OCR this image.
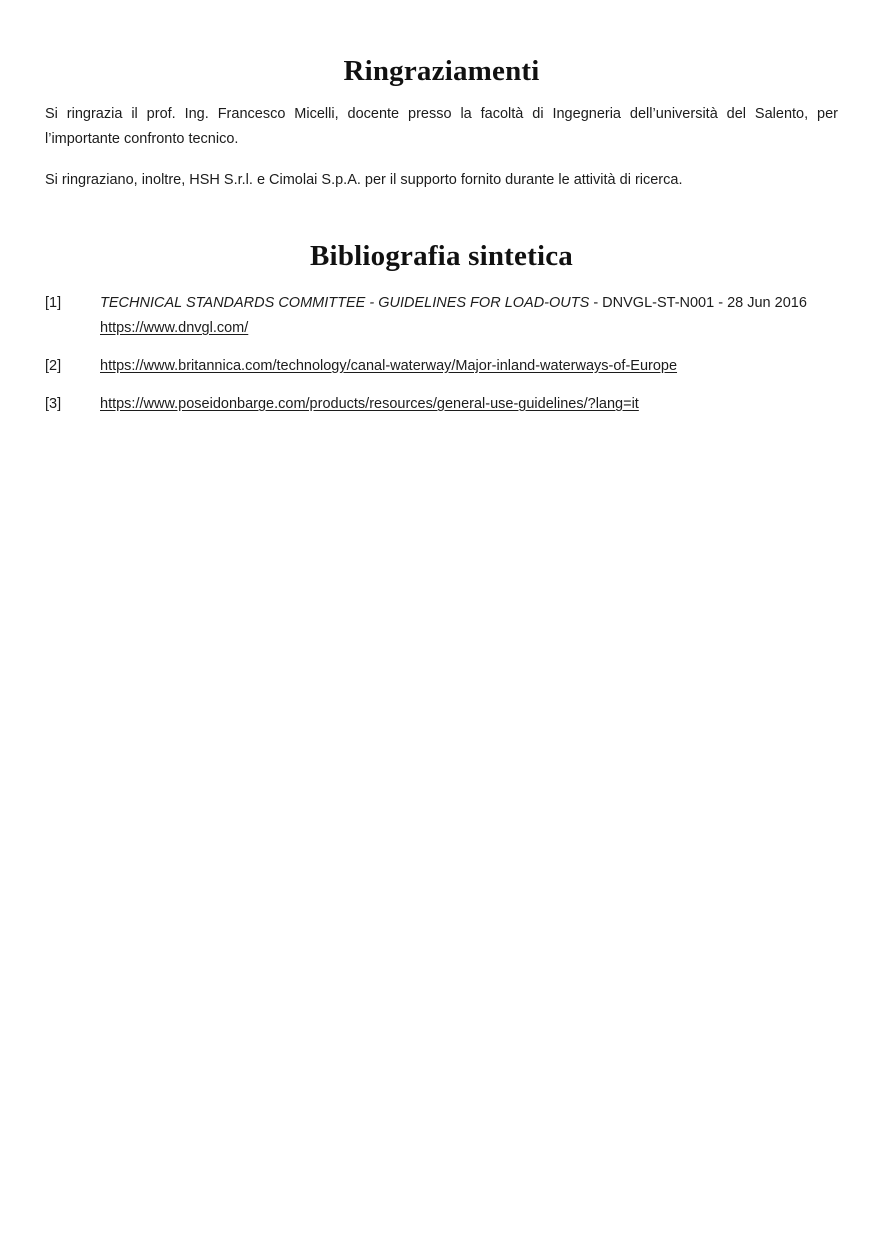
Ringraziamenti

Si ringrazia il prof. Ing. Francesco Micelli, docente presso la facoltà di Ingegneria dell’università del Salento, per l’importante confronto tecnico.

Si ringraziano, inoltre, HSH S.r.l. e Cimolai S.p.A. per il supporto fornito durante le attività di ricerca.

Bibliografia sintetica
[1]	TECHNICAL STANDARDS COMMITTEE - GUIDELINES FOR LOAD-OUTS - DNVGL-ST-N001 - 28 Jun 2016
https://www.dnvgl.com/
[2]	https://www.britannica.com/technology/canal-waterway/Major-inland-waterways-of-Europe
[3]	https://www.poseidonbarge.com/products/resources/general-use-guidelines/?lang=it
